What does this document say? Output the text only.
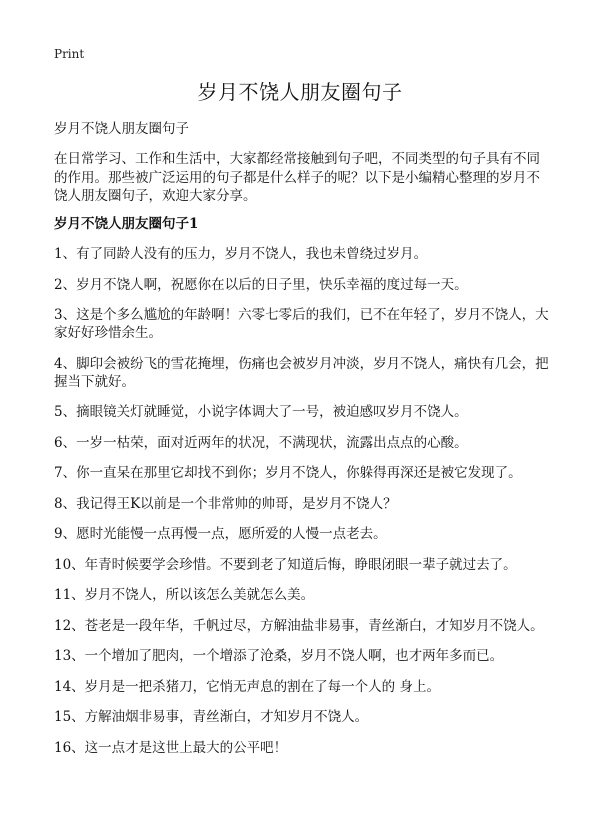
Print
岁月不饶人朋友圈句子

岁月不饶人朋友圈句子

在日常学习、工作和生活中，大家都经常接触到句子吧，不同类型的句子具有不同的作用。那些被广泛运用的句子都是什么样子的呢？以下是小编精心整理的岁月不饶人朋友圈句子，欢迎大家分享。

岁月不饶人朋友圈句子1

1、有了同龄人没有的压力，岁月不饶人，我也未曾绕过岁月。
2、岁月不饶人啊，祝愿你在以后的日子里，快乐幸福的度过每一天。
3、这是个多么尴尬的年龄啊！六零七零后的我们，已不在年轻了，岁月不饶人，大家好好珍惜余生。
4、脚印会被纷飞的雪花掩埋，伤痛也会被岁月冲淡，岁月不饶人，痛快有几会，把握当下就好。
5、摘眼镜关灯就睡觉，小说字体调大了一号，被迫感叹岁月不饶人。
6、一岁一枯荣，面对近两年的状况，不满现状，流露出点点的心酸。
7、你一直呆在那里它却找不到你；岁月不饶人，你躲得再深还是被它发现了。
8、我记得王K以前是一个非常帅的帅哥，是岁月不饶人？
9、愿时光能慢一点再慢一点，愿所爱的人慢一点老去。
10、年青时候要学会珍惜。不要到老了知道后悔，睁眼闭眼一辈子就过去了。
11、岁月不饶人，所以该怎么美就怎么美。
12、苍老是一段年华，千帆过尽，方解油盐非易事，青丝渐白，才知岁月不饶人。
13、一个增加了肥肉，一个增添了沧桑，岁月不饶人啊，也才两年多而已。
14、岁月是一把杀猪刀，它悄无声息的割在了每一个人的 身上。
15、方解油烟非易事，青丝渐白，才知岁月不饶人。
16、这一点才是这世上最大的公平吧！
